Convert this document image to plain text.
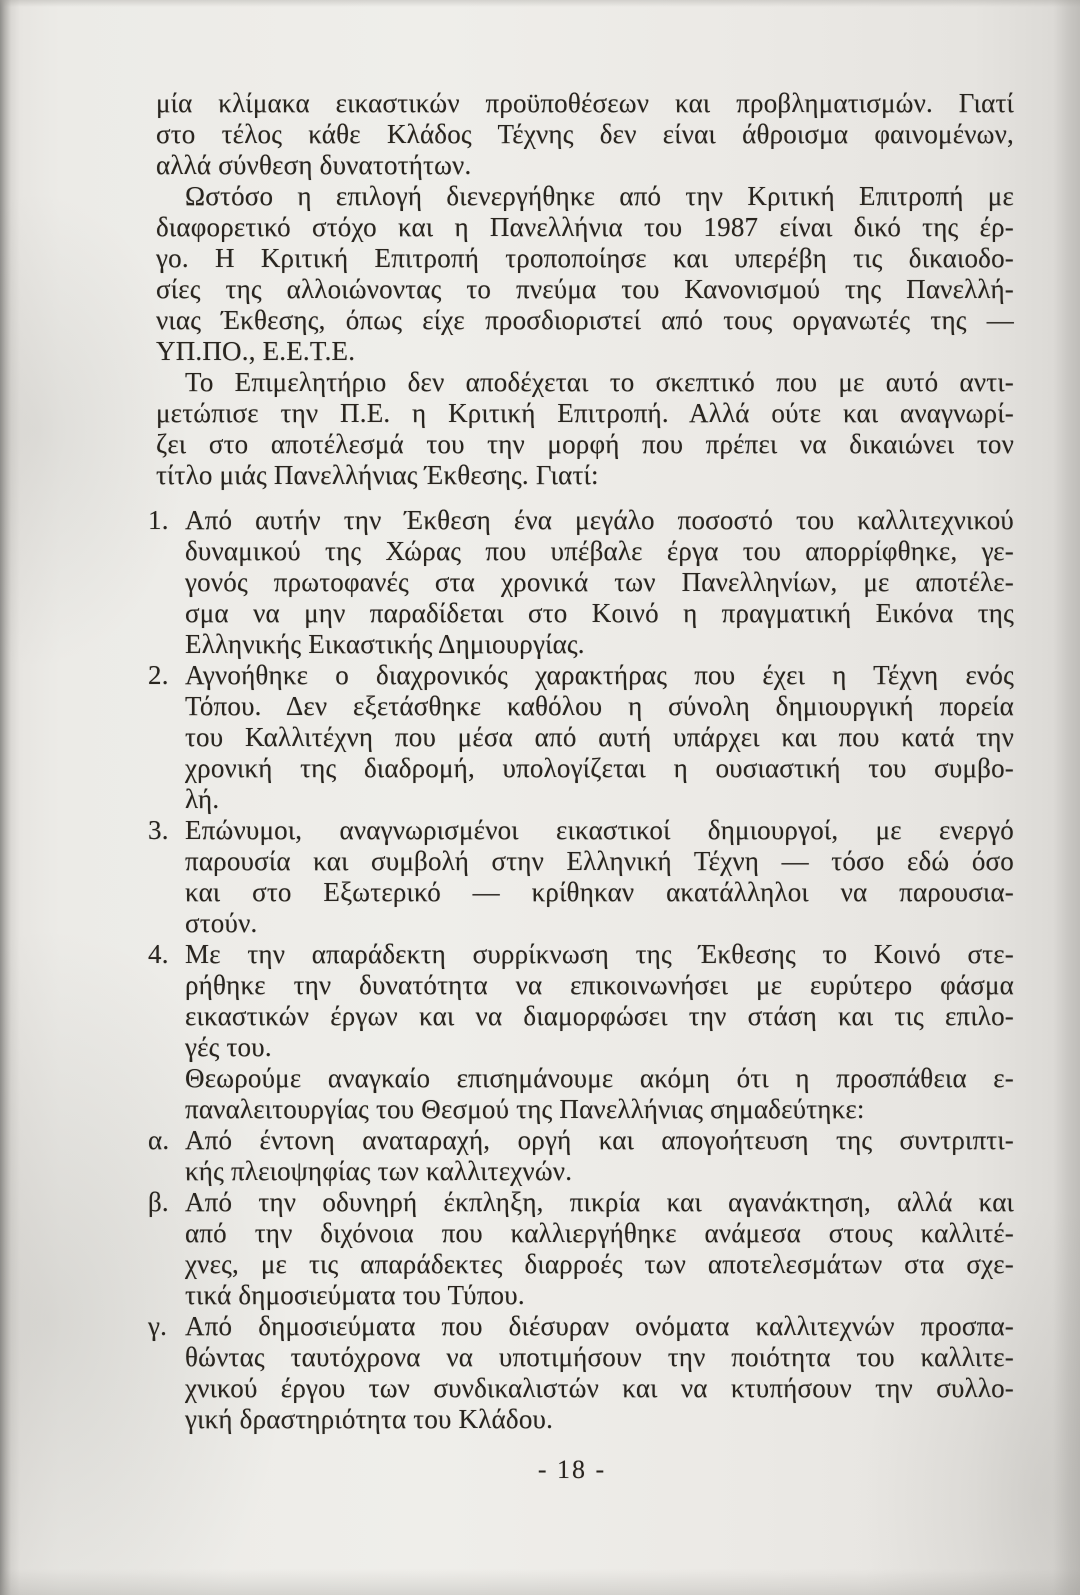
μία κλίμακα εικαστικών προϋποθέσεων και προβληματισμών. Γιατί
στο τέλος κάθε Κλάδος Τέχνης δεν είναι άθροισμα φαινομένων,
αλλά σύνθεση δυνατοτήτων.
Ωστόσο η επιλογή διενεργήθηκε από την Κριτική Επιτροπή με
διαφορετικό στόχο και η Πανελλήνια του 1987 είναι δικό της έρ-
γο. Η Κριτική Επιτροπή τροποποίησε και υπερέβη τις δικαιοδο-
σίες της αλλοιώνοντας το πνεύμα του Κανονισμού της Πανελλή-
νιας Έκθεσης, όπως είχε προσδιοριστεί από τους οργανωτές της —
ΥΠ.ΠΟ., Ε.Ε.Τ.Ε.
Το Επιμελητήριο δεν αποδέχεται το σκεπτικό που με αυτό αντι-
μετώπισε την Π.Ε. η Κριτική Επιτροπή. Αλλά ούτε και αναγνωρί-
ζει στο αποτέλεσμά του την μορφή που πρέπει να δικαιώνει τον
τίτλο μιάς Πανελλήνιας Έκθεσης. Γιατί:
1. Από αυτήν την Έκθεση ένα μεγάλο ποσοστό του καλλιτεχνικού
δυναμικού της Χώρας που υπέβαλε έργα του απορρίφθηκε, γε-
γονός πρωτοφανές στα χρονικά των Πανελληνίων, με αποτέλε-
σμα να μην παραδίδεται στο Κοινό η πραγματική Εικόνα της
Ελληνικής Εικαστικής Δημιουργίας.
2. Αγνοήθηκε ο διαχρονικός χαρακτήρας που έχει η Τέχνη ενός
Τόπου. Δεν εξετάσθηκε καθόλου η σύνολη δημιουργική πορεία
του Καλλιτέχνη που μέσα από αυτή υπάρχει και που κατά την
χρονική της διαδρομή, υπολογίζεται η ουσιαστική του συμβο-
λή.
3. Επώνυμοι, αναγνωρισμένοι εικαστικοί δημιουργοί, με ενεργό
παρουσία και συμβολή στην Ελληνική Τέχνη — τόσο εδώ όσο
και στο Εξωτερικό — κρίθηκαν ακατάλληλοι να παρουσια-
στούν.
4. Με την απαράδεκτη συρρίκνωση της Έκθεσης το Κοινό στε-
ρήθηκε την δυνατότητα να επικοινωνήσει με ευρύτερο φάσμα
εικαστικών έργων και να διαμορφώσει την στάση και τις επιλο-
γές του.
Θεωρούμε αναγκαίο επισημάνουμε ακόμη ότι η προσπάθεια ε-
παναλειτουργίας του Θεσμού της Πανελλήνιας σημαδεύτηκε:
α. Από έντονη αναταραχή, οργή και απογοήτευση της συντριπτι-
κής πλειοψηφίας των καλλιτεχνών.
β. Από την οδυνηρή έκπληξη, πικρία και αγανάκτηση, αλλά και
από την διχόνοια που καλλιεργήθηκε ανάμεσα στους καλλιτέ-
χνες, με τις απαράδεκτες διαρροές των αποτελεσμάτων στα σχε-
τικά δημοσιεύματα του Τύπου.
γ. Από δημοσιεύματα που διέσυραν ονόματα καλλιτεχνών προσπα-
θώντας ταυτόχρονα να υποτιμήσουν την ποιότητα του καλλιτε-
χνικού έργου των συνδικαλιστών και να κτυπήσουν την συλλο-
γική δραστηριότητα του Κλάδου.
- 18 -
